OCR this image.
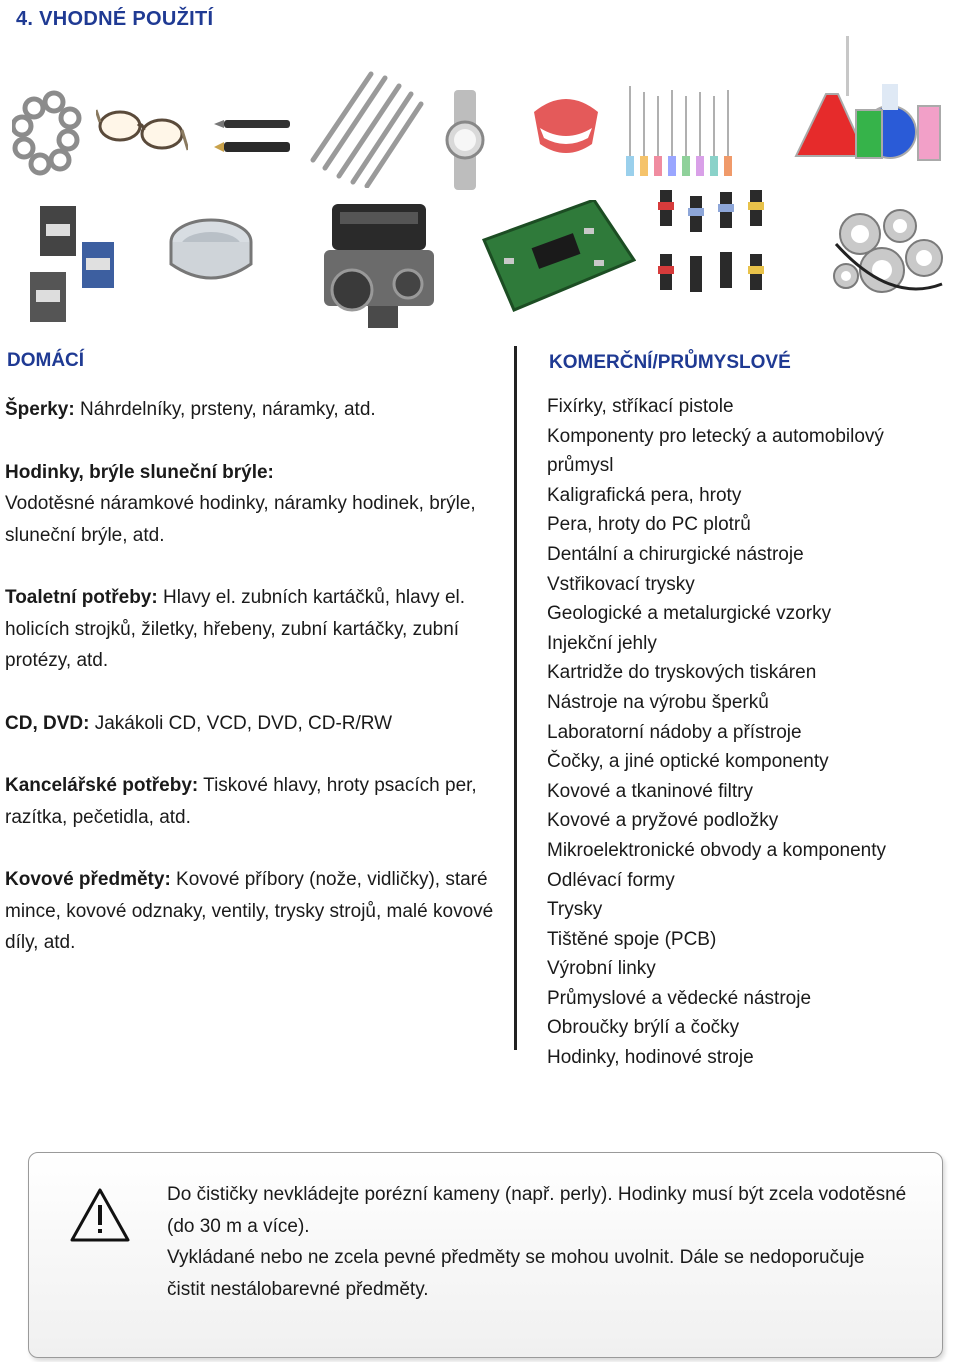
4. VHODNÉ POUŽITÍ
DOMÁCÍ
Šperky: Náhrdelníky, prsteny, náramky, atd.
Hodinky, brýle sluneční brýle:
Vodotěsné náramkové hodinky, náramky hodinek, brýle, sluneční brýle, atd.
Toaletní potřeby: Hlavy el. zubních kartáčků, hlavy el. holicích strojků, žiletky, hřebeny, zubní kartáčky, zubní protézy, atd.
CD, DVD: Jakákoli CD, VCD, DVD, CD-R/RW
Kancelářské potřeby: Tiskové hlavy, hroty psacích per, razítka, pečetidla, atd.
Kovové předměty: Kovové příbory (nože, vidličky), staré mince, kovové odznaky, ventily, trysky strojů, malé kovové díly, atd.
KOMERČNÍ/PRŮMYSLOVÉ
Fixírky, stříkací pistole
Komponenty pro letecký a automobilový
průmysl
Kaligrafická pera, hroty
Pera, hroty do PC plotrů
Dentální a chirurgické nástroje
Vstřikovací trysky
Geologické a metalurgické vzorky
Injekční jehly
Kartridže do tryskových tiskáren
Nástroje na výrobu šperků
Laboratorní nádoby a přístroje
Čočky, a jiné optické komponenty
Kovové a tkaninové filtry
Kovové a pryžové podložky
Mikroelektronické obvody a komponenty
Odlévací formy
Trysky
Tištěné spoje (PCB)
Výrobní linky
Průmyslové a vědecké nástroje
Obroučky brýlí a čočky
Hodinky, hodinové stroje

Do čističky nevkládejte porézní kameny (např. perly). Hodinky musí být zcela vodotěsné (do 30 m a více).

Vykládané nebo ne zcela pevné předměty se mohou uvolnit. Dále se nedoporučuje čistit nestálobarevné předměty.
